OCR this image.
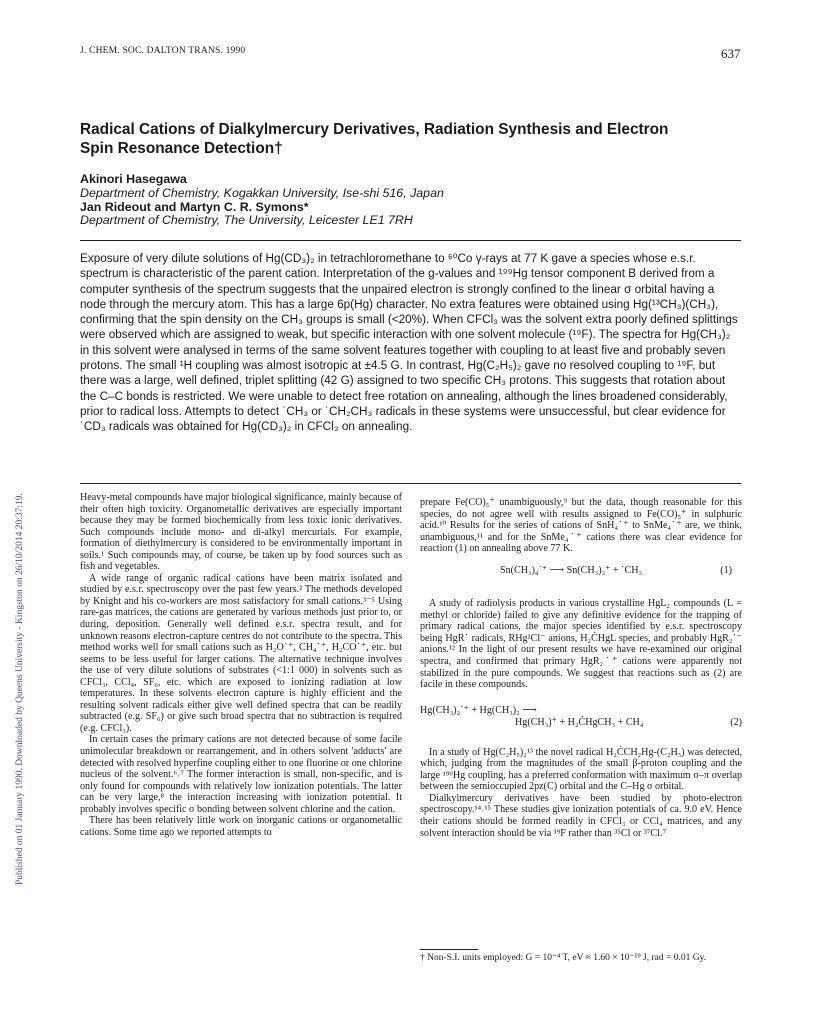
Published on 01 January 1990. Downloaded by Queens University - Kingston on 26/10/2014 20:37:19.
J. CHEM. SOC. DALTON TRANS. 1990	637
Radical Cations of Dialkylmercury Derivatives, Radiation Synthesis and Electron Spin Resonance Detection†
Akinori Hasegawa
Department of Chemistry, Kogakkan University, Ise-shi 516, Japan
Jan Rideout and Martyn C. R. Symons*
Department of Chemistry, The University, Leicester LE1 7RH

Exposure of very dilute solutions of Hg(CD₃)₂ in tetrachloromethane to ⁶⁰Co γ-rays at 77 K gave a species whose e.s.r. spectrum is characteristic of the parent cation. Interpretation of the g-values and ¹⁹⁹Hg tensor component B derived from a computer synthesis of the spectrum suggests that the unpaired electron is strongly confined to the linear σ orbital having a node through the mercury atom. This has a large 6p(Hg) character. No extra features were obtained using Hg(¹³CH₃)(CH₃), confirming that the spin density on the CH₃ groups is small (<20%). When CFCl₃ was the solvent extra poorly defined splittings were observed which are assigned to weak, but specific interaction with one solvent molecule (¹⁹F). The spectra for Hg(CH₃)₂ in this solvent were analysed in terms of the same solvent features together with coupling to at least five and probably seven protons. The small ¹H coupling was almost isotropic at ±4.5 G. In contrast, Hg(C₂H₅)₂ gave no resolved coupling to ¹⁹F, but there was a large, well defined, triplet splitting (42 G) assigned to two specific CH₃ protons. This suggests that rotation about the C–C bonds is restricted. We were unable to detect free rotation on annealing, although the lines broadened considerably, prior to radical loss. Attempts to detect ˙CH₃ or ˙CH₂CH₃ radicals in these systems were unsuccessful, but clear evidence for ˙CD₃ radicals was obtained for Hg(CD₃)₂ in CFCl₃ on annealing.

Heavy-metal compounds have major biological significance, mainly because of their often high toxicity. Organometallic derivatives are especially important because they may be formed biochemically from less toxic ionic derivatives. Such compounds include mono- and di-alkyl mercurials. For example, formation of diethylmercury is considered to be environmentally important in soils.¹ Such compounds may, of course, be taken up by food sources such as fish and vegetables.

A wide range of organic radical cations have been matrix isolated and studied by e.s.r. spectroscopy over the past few years.² The methods developed by Knight and his co-workers are most satisfactory for small cations.³⁻⁵ Using rare-gas matrices, the cations are generated by various methods just prior to, or during, deposition. Generally well defined e.s.r. spectra result, and for unknown reasons electron-capture centres do not contribute to the spectra. This method works well for small cations such as H₂O˙⁺, CH₄˙⁺, H₂CO˙⁺, etc. but seems to be less useful for larger cations. The alternative technique involves the use of very dilute solutions of substrates (<1:1 000) in solvents such as CFCl₃, CCl₄, SF₆, etc. which are exposed to ionizing radiation at low temperatures. In these solvents electron capture is highly efficient and the resulting solvent radicals either give well defined spectra that can be readily subtracted (e.g. SF₆) or give such broad spectra that no subtraction is required (e.g. CFCl₃).

In certain cases the primary cations are not detected because of some facile unimolecular breakdown or rearrangement, and in others solvent 'adducts' are detected with resolved hyperfine coupling either to one fluorine or one chlorine nucleus of the solvent.⁶˒⁷ The former interaction is small, non-specific, and is only found for compounds with relatively low ionization potentials. The latter can be very large,⁸ the interaction increasing with ionization potential. It probably involves specific σ bonding between solvent chlorine and the cation.

There has been relatively little work on inorganic cations or organometallic cations. Some time ago we reported attempts to

prepare Fe(CO)₅⁺ unambiguously,⁹ but the data, though reasonable for this species, do not agree well with results assigned to Fe(CO)₅⁺ in sulphuric acid.¹⁰ Results for the series of cations of SnH₄˙⁺ to SnMe₄˙⁺ are, we think, unambiguous,¹¹ and for the SnMe₄˙⁺ cations there was clear evidence for reaction (1) on annealing above 77 K.

Sn(CH₃)₄˙⁺ ⟶ Sn(CH₃)₃⁺ + ˙CH₃	(1)

A study of radiolysis products in various crystalline HgL₂ compounds (L = methyl or chloride) failed to give any definitive evidence for the trapping of primary radical cations, the major species identified by e.s.r. spectroscopy being HgR˙ radicals, RHg²Cl⁻ anions, H₂ĊHgL species, and probably HgR₂˙⁻ anions.¹² In the light of our present results we have re-examined our original spectra, and confirmed that primary HgR₂˙⁺ cations were apparently not stabilized in the pure compounds. We suggest that reactions such as (2) are facile in these compounds.

Hg(CH₃)₂˙⁺ + Hg(CH₃)₂ ⟶
Hg(CH₃)⁺ + H₂ĊHgCH₃ + CH₄	(2)

In a study of Hg(C₂H₅)₂¹³ the novel radical H₂ĊCH₂Hg-(C₂H₅) was detected, which, judging from the magnitudes of the small β-proton coupling and the large ¹⁹⁹Hg coupling, has a preferred conformation with maximum σ–π overlap between the semioccupied 2pz(C) orbital and the C–Hg σ orbital.

Dialkylmercury derivatives have been studied by photo-electron spectroscopy.¹⁴˒¹⁵ These studies give ionization potentials of ca. 9.0 eV. Hence their cations should be formed readily in CFCl₃ or CCl₄ matrices, and any solvent interaction should be via ¹⁹F rather than ³⁵Cl or ³⁷Cl.⁷

† Non-S.I. units employed: G = 10⁻⁴ T, eV ≈ 1.60 × 10⁻¹⁹ J, rad = 0.01 Gy.
